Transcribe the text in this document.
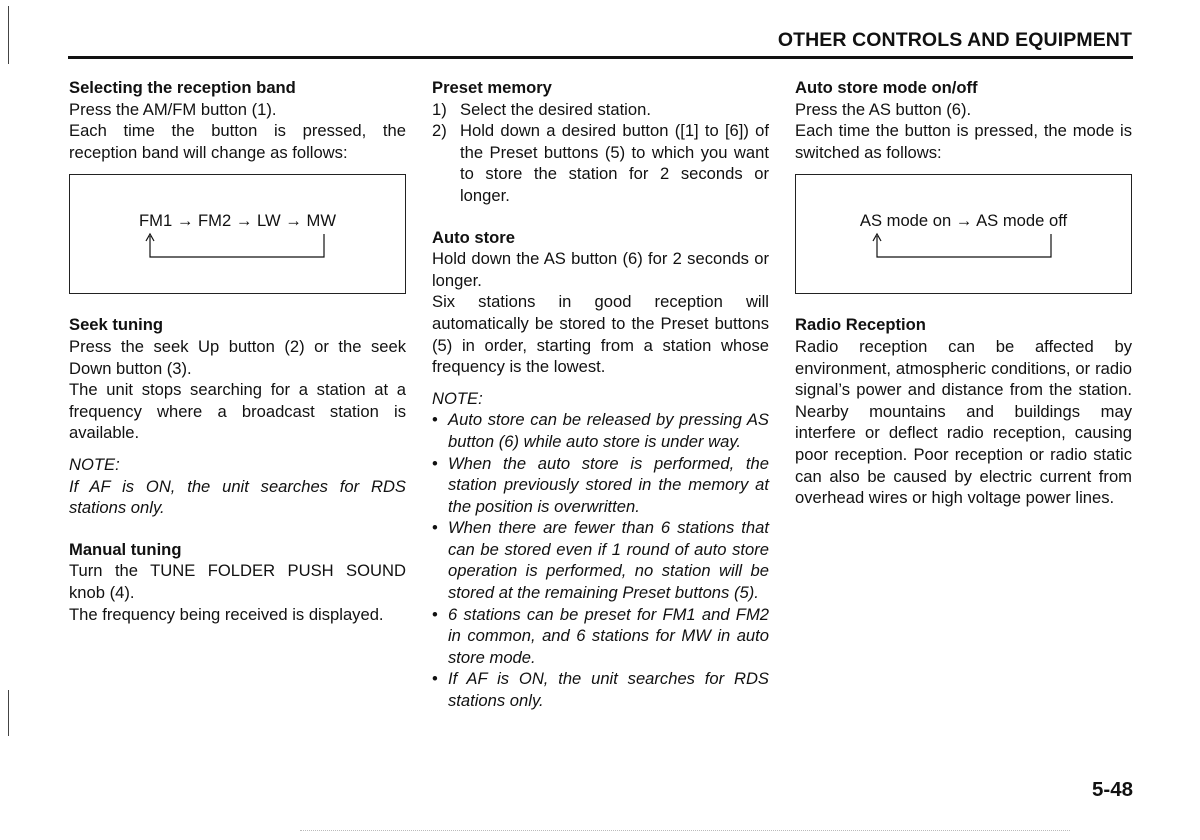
OTHER CONTROLS AND EQUIPMENT

Selecting the reception band

Press the AM/FM button (1).

Each time the button is pressed, the reception band will change as follows:

FM1 → FM2 → LW → MW

Seek tuning

Press the seek Up button (2) or the seek Down button (3).

The unit stops searching for a station at a frequency where a broadcast station is available.

NOTE:

If AF is ON, the unit searches for RDS stations only.

Manual tuning

Turn the TUNE FOLDER PUSH SOUND knob (4).

The frequency being received is displayed.

Preset memory

1) Select the desired station.
2) Hold down a desired button ([1] to [6]) of the Preset buttons (5) to which you want to store the station for 2 seconds or longer.

Auto store

Hold down the AS button (6) for 2 seconds or longer.

Six stations in good reception will automatically be stored to the Preset buttons (5) in order, starting from a station whose frequency is the lowest.

NOTE:

• Auto store can be released by pressing AS button (6) while auto store is under way.
• When the auto store is performed, the station previously stored in the memory at the position is overwritten.
• When there are fewer than 6 stations that can be stored even if 1 round of auto store operation is performed, no station will be stored at the remaining Preset buttons (5).
• 6 stations can be preset for FM1 and FM2 in common, and 6 stations for MW in auto store mode.
• If AF is ON, the unit searches for RDS stations only.

Auto store mode on/off

Press the AS button (6).

Each time the button is pressed, the mode is switched as follows:

AS mode on → AS mode off

Radio Reception

Radio reception can be affected by environment, atmospheric conditions, or radio signal’s power and distance from the station. Nearby mountains and buildings may interfere or deflect radio reception, causing poor reception. Poor reception or radio static can also be caused by electric current from overhead wires or high voltage power lines.

5-48
